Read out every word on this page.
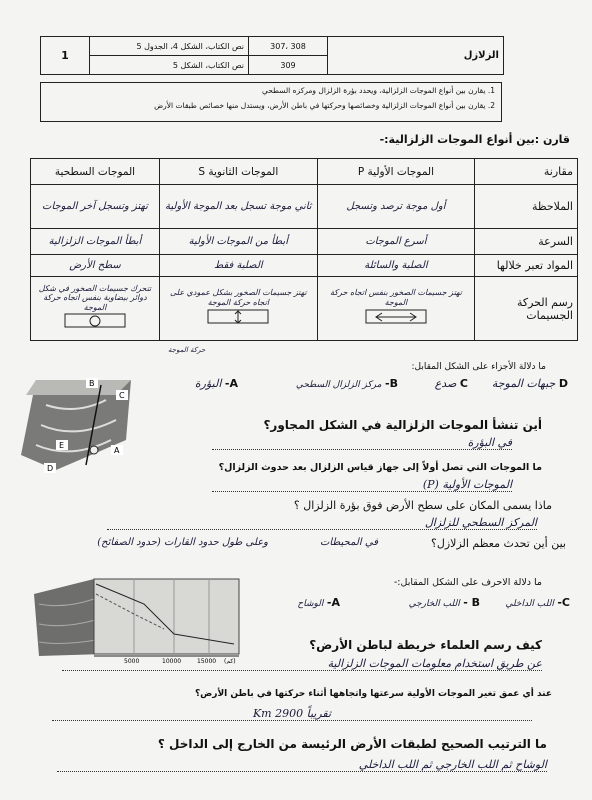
1	نص الكتاب، الشكل 4، الجدول 5	307، 308	الزلازل
	نص الكتاب، الشكل 5	309	
1. يقارن بين أنواع الموجات الزلزالية، ويحدد بؤرة الزلزال ومركزه السطحي
2. يقارن بين أنواع الموجات الزلزالية وخصائصها وحركتها في باطن الأرض، ويستدل منها خصائص طبقات الأرض
قارن :بين أنواع الموجات الزلزالية:-
مقارنة	الموجات الأولية P	الموجات الثانوية S	الموجات السطحية
الملاحظة	أول موجة ترصد وتسجل	ثاني موجة تسجل بعد الموجة الأولية	تهتز وتسجل آخر الموجات
السرعة	أسرع الموجات	أبطأ من الموجات الأولية	أبطأ الموجات الزلزالية
المواد تعبر خلالها	الصلبة والسائلة	الصلبة فقط	سطح الأرض
رسم الحركة الجسيمات	تهتز جسيمات الصخور بنفس اتجاه حركة الموجة	تهتز جسيمات الصخور بشكل عمودي على اتجاه حركة الموجة	تتحرك جسيمات الصخور في شكل دوائر بيضاوية بنفس اتجاه حركة الموجة
حركة الموجة
B
C
A
D
E
ما دلالة الأجزاء على الشكل المقابل:
D جبهات الموجة
C صدع
B- مركز الزلزال السطحي
A- البؤرة
أين تنشأ الموجات الزلزالية في الشكل المجاور؟
في البؤرة
ما الموجات التي تصل أولاً إلى جهاز قياس الزلزال بعد حدوث الزلزال؟
الموجات الأولية (P)
ماذا يسمى المكان على سطح الأرض فوق بؤرة الزلزال ؟
المركز السطحي للزلزال
بين أين تحدث معظم الزلازل؟
في المحيطات
وعلى طول حدود القارات (حدود الصفائح)
ما دلالة الاحرف على الشكل المقابل:-
A- الوشاح	B - اللب الخارجي	C- اللب الداخلي
5000	10000	15000 (كم)
كيف رسم العلماء خريطة لباطن الأرض؟
عن طريق استخدام معلومات الموجات الزلزالية
عند أي عمق تغير الموجات الأولية سرعتها واتجاهها أثناء حركتها في باطن الأرض؟
تقريباً 2900 Km
ما الترتيب الصحيح لطبقات الأرض الرئيسة من الخارج إلى الداخل ؟
الوشاح ثم اللب الخارجي ثم اللب الداخلي
